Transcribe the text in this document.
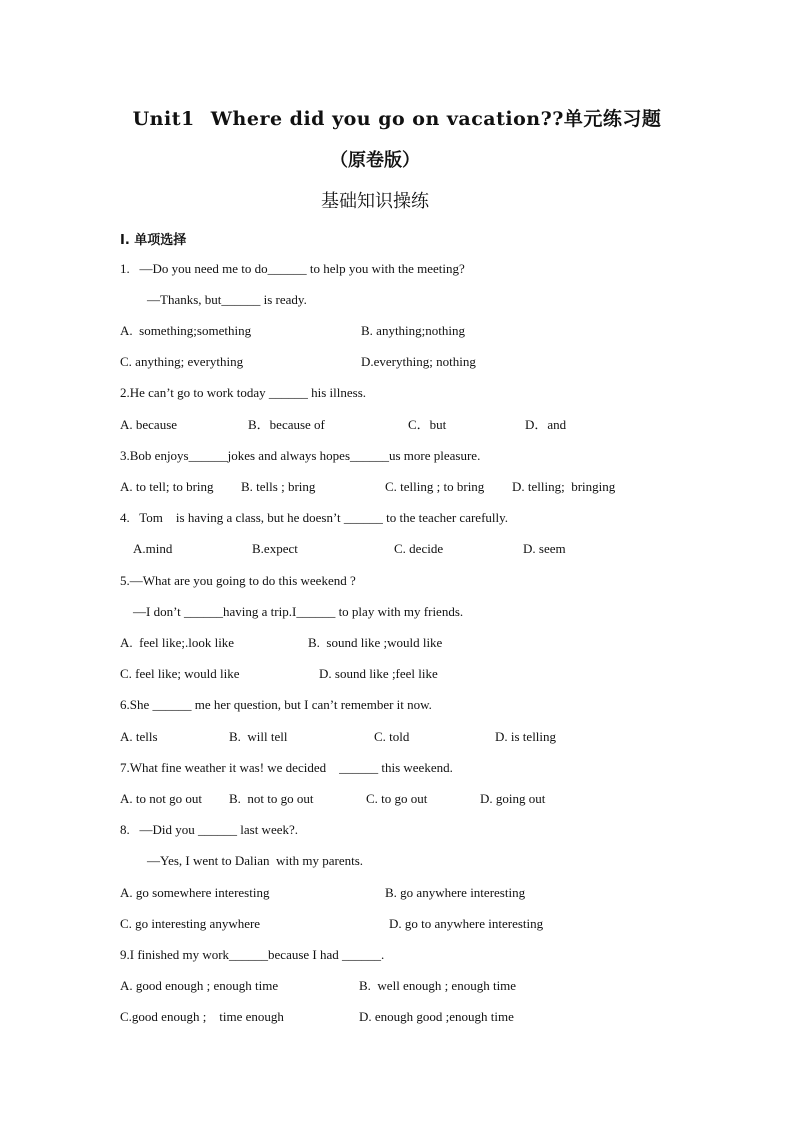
Unit1 Where did you go on vacation??单元练习题
（原卷版）
基础知识操练
I. 单项选择
1.   —Do you need me to do______ to help you with the meeting?
—Thanks, but______ is ready.
A.  something;something	B. anything;nothing
C. anything; everything	D.everything; nothing
2.He can’t go to work today ______ his illness.
A. because	B．because of	C．but	D．and
3.Bob enjoys______jokes and always hopes______us more pleasure.
A. to tell; to bring B. tells ; bring	C. telling ; to bring D. telling;  bringing
4.   Tom    is having a class, but he doesn’t ______ to the teacher carefully.
A.mind	B.expect	C. decide	D. seem
5.—What are you going to do this weekend ?
—I don’t ______having a trip.I______ to play with my friends.
A.  feel like;.look like	B.  sound like ;would like
C. feel like; would like	D. sound like ;feel like
6.She ______ me her question, but I can’t remember it now.
A. tells	B.  will tell	C. told	D. is telling
7.What fine weather it was! we decided    ______ this weekend.
A. to not go out B.  not to go out	C. to go out	D. going out
8.   —Did you ______ last week?.
—Yes, I went to Dalian  with my parents.
A. go somewhere interesting	B. go anywhere interesting
C. go interesting anywhere	D. go to anywhere interesting
9.I finished my work______because I had ______.
A. good enough ; enough time	B.  well enough ; enough time
C.good enough ;    time enough	D. enough good ;enough time
